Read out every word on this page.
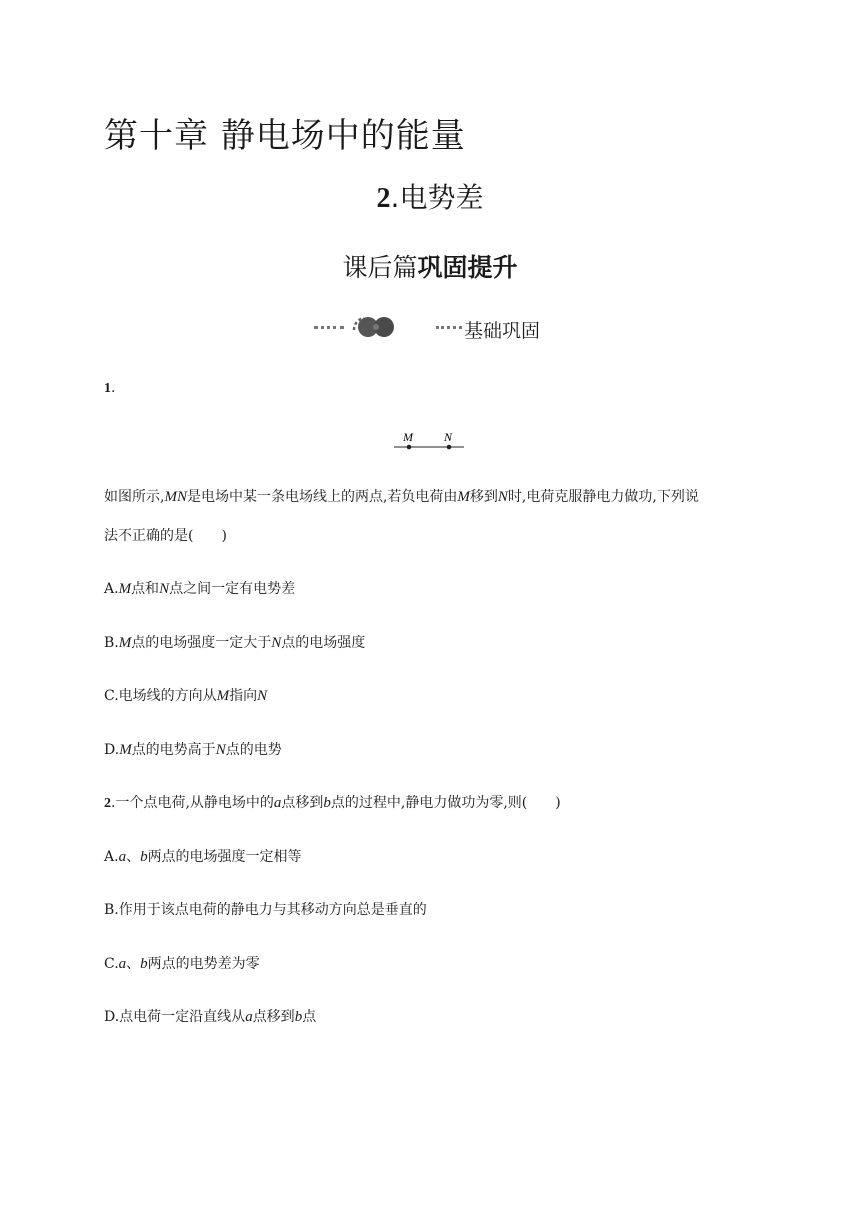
第十章 静电场中的能量
2.电势差
课后篇巩固提升
基础巩固
1.
M	N
如图所示,MN是电场中某一条电场线上的两点,若负电荷由M移到N时,电荷克服静电力做功,下列说
法不正确的是(　　)
A.M点和N点之间一定有电势差
B.M点的电场强度一定大于N点的电场强度
C.电场线的方向从M指向N
D.M点的电势高于N点的电势
2.一个点电荷,从静电场中的a点移到b点的过程中,静电力做功为零,则(　　)
A.a、b两点的电场强度一定相等
B.作用于该点电荷的静电力与其移动方向总是垂直的
C.a、b两点的电势差为零
D.点电荷一定沿直线从a点移到b点
